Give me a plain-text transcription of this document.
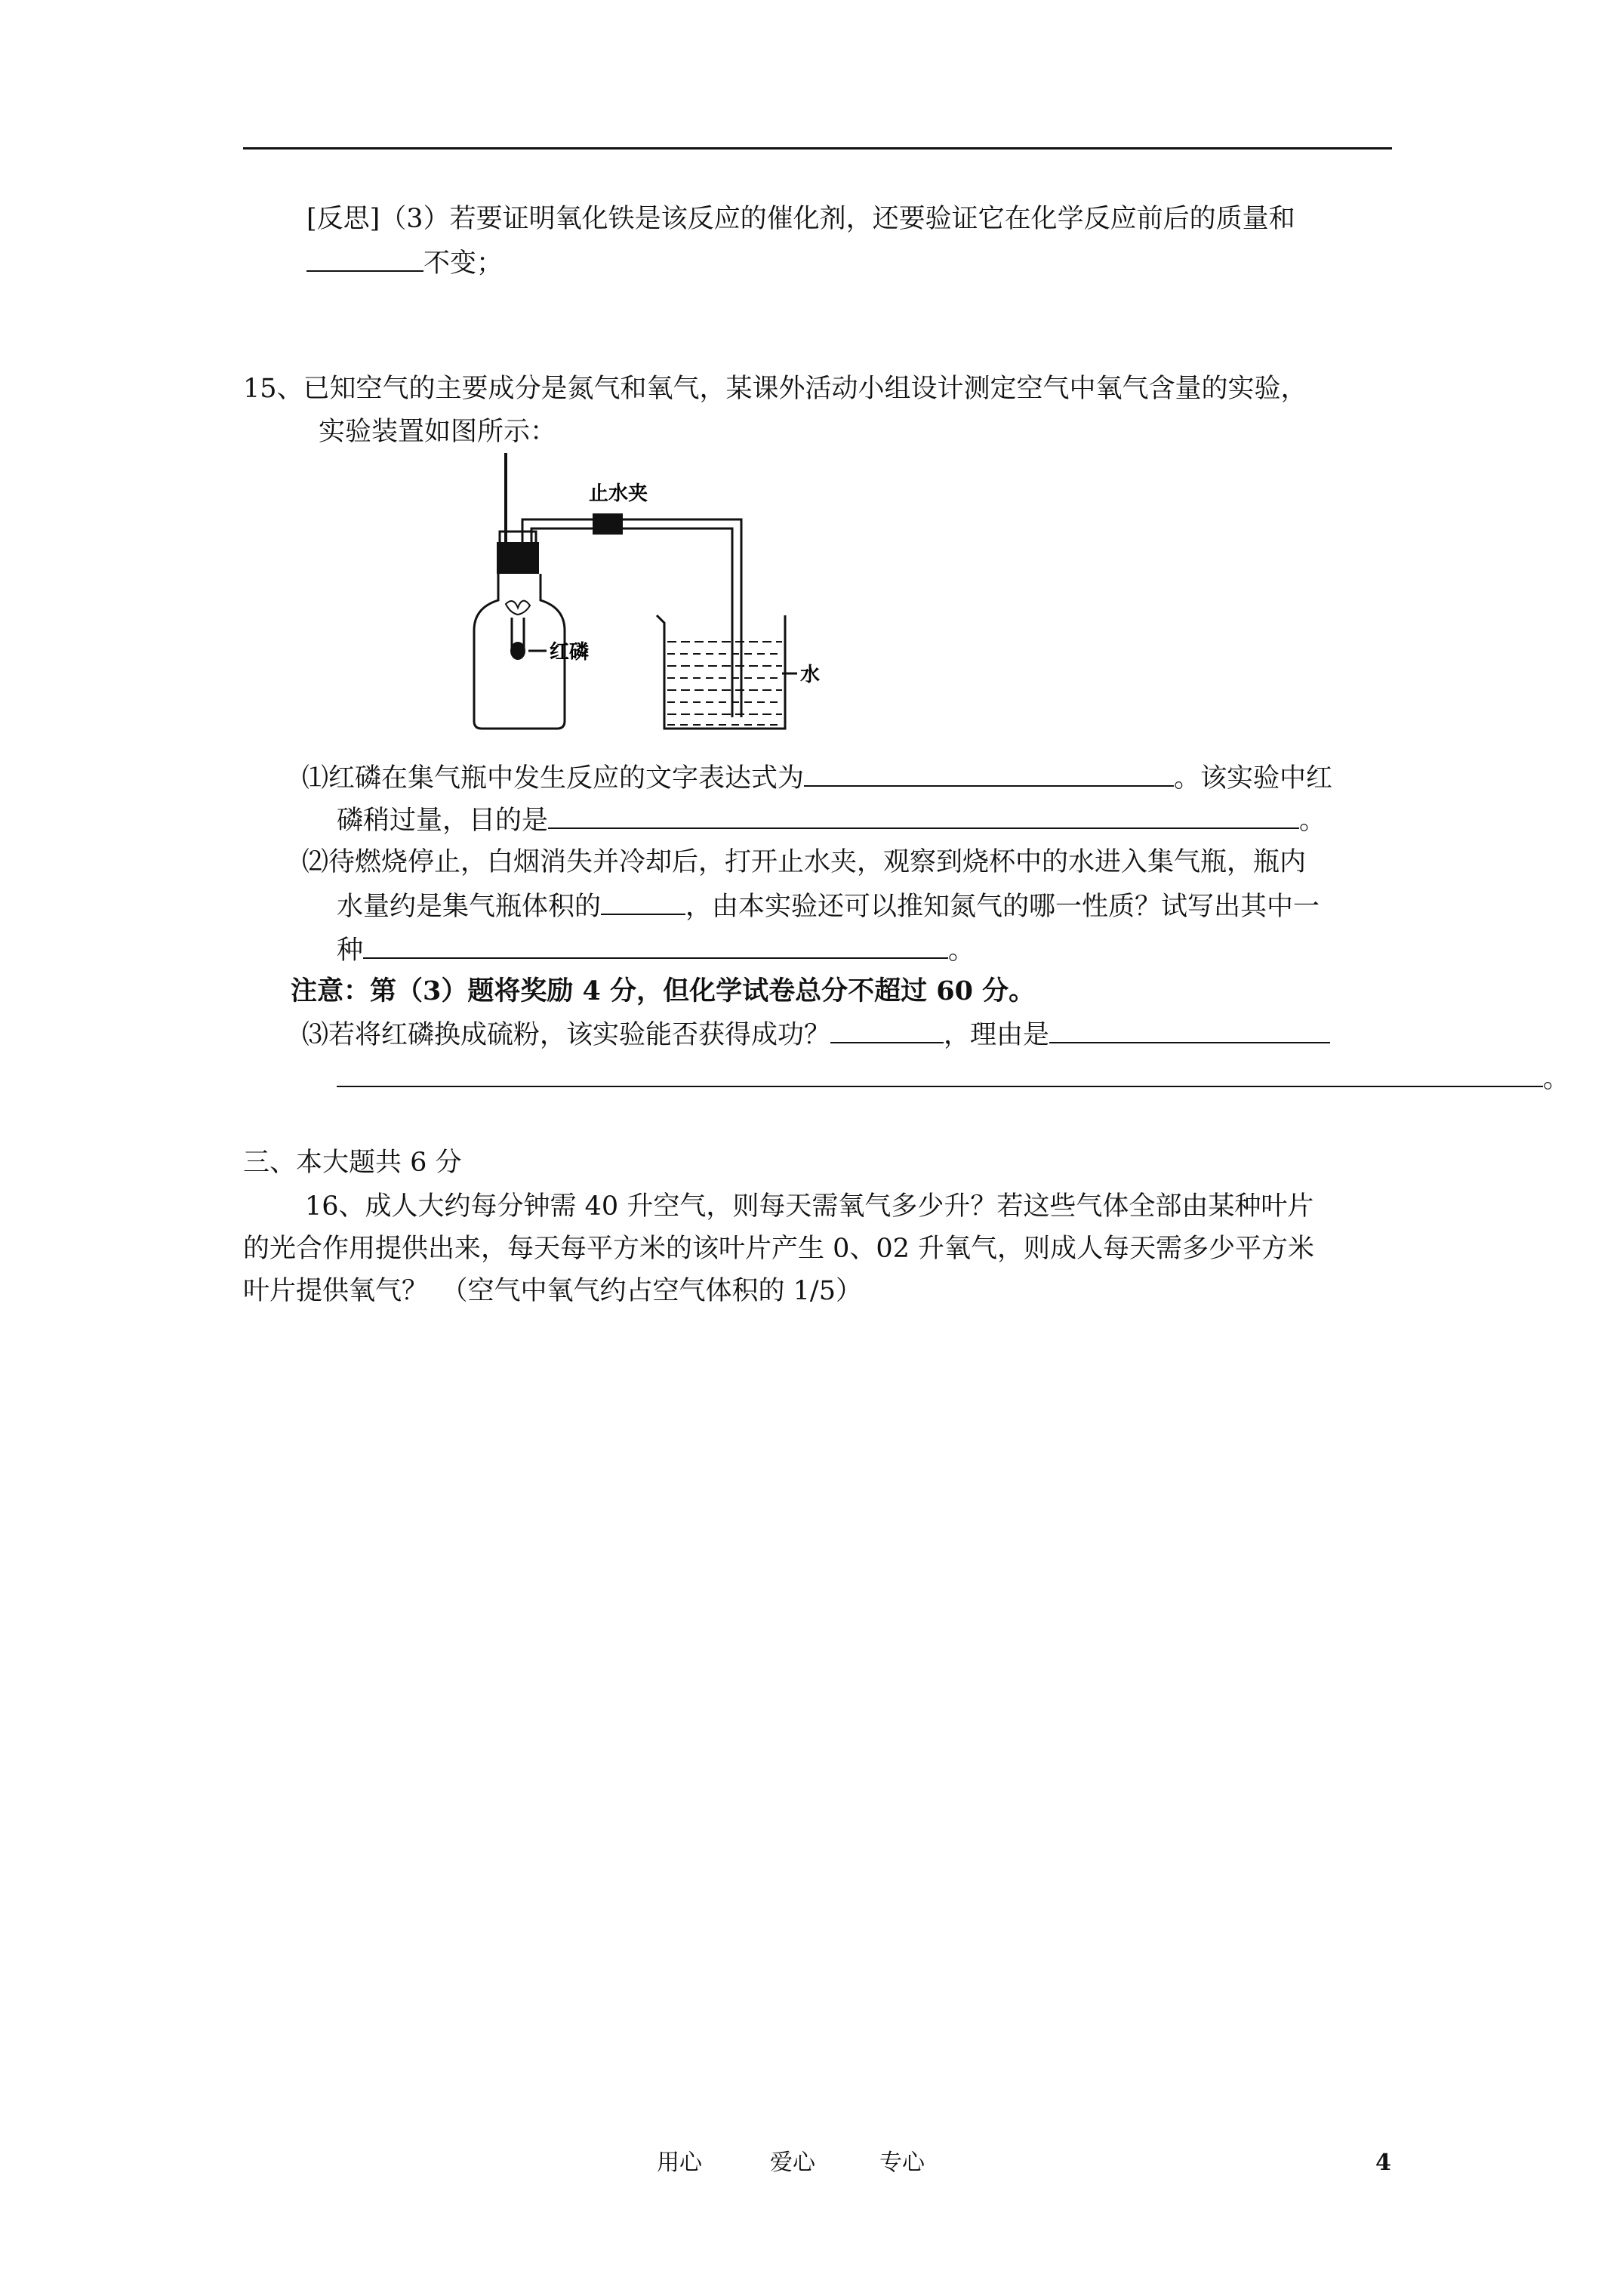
[反思]（3）若要证明氧化铁是该反应的催化剂，还要验证它在化学反应前后的质量和
不变；
15、已知空气的主要成分是氮气和氧气，某课外活动小组设计测定空气中氧气含量的实验，
实验装置如图所示：
红磷
止水夹
水
⑴红磷在集气瓶中发生反应的文字表达式为	。该实验中红
磷稍过量，目的是	。
⑵待燃烧停止，白烟消失并冷却后，打开止水夹，观察到烧杯中的水进入集气瓶，瓶内
水量约是集气瓶体积的	，由本实验还可以推知氮气的哪一性质？试写出其中一
种	。
注意：第（3）题将奖励 4 分，但化学试卷总分不超过 60 分。
⑶若将红磷换成硫粉，该实验能否获得成功？	，理由是
。
三、本大题共 6 分
16、成人大约每分钟需 40 升空气，则每天需氧气多少升？若这些气体全部由某种叶片
的光合作用提供出来，每天每平方米的该叶片产生 0、02 升氧气，则成人每天需多少平方米
叶片提供氧气？　（空气中氧气约占空气体积的 1/5）
用心	爱心	专心	4
